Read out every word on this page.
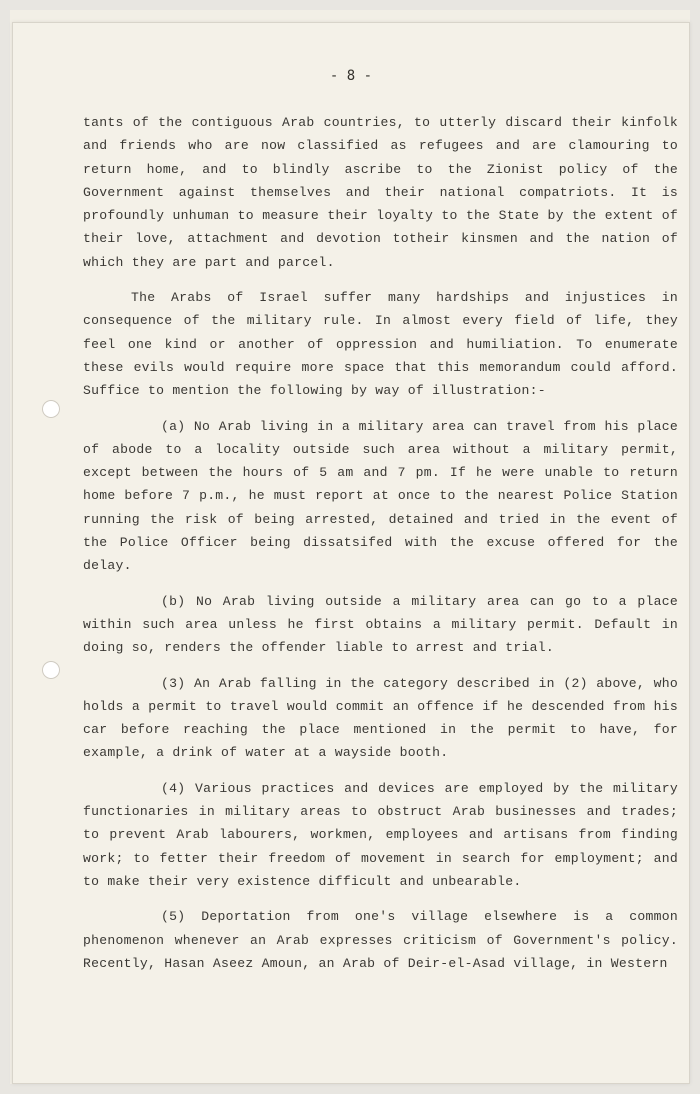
- 8 -

tants of the contiguous Arab countries, to utterly discard their kinfolk and friends who are now classified as refugees and are clamouring to return home, and to blindly ascribe to the Zionist policy of the Government against themselves and their national compatriots. It is profoundly unhuman to measure their loyalty to the State by the extent of their love, attachment and devotion totheir kinsmen and the nation of which they are part and parcel.

The Arabs of Israel suffer many hardships and injustices in consequence of the military rule. In almost every field of life, they feel one kind or another of oppression and humiliation. To enumerate these evils would require more space that this memorandum could afford. Suffice to mention the following by way of illustration:-

(a) No Arab living in a military area can travel from his place of abode to a locality outside such area without a military permit, except between the hours of 5 am and 7 pm. If he were unable to return home before 7 p.m., he must report at once to the nearest Police Station running the risk of being arrested, detained and tried in the event of the Police Officer being dissatsifed with the excuse offered for the delay.

(b) No Arab living outside a military area can go to a place within such area unless he first obtains a military permit. Default in doing so, renders the offender liable to arrest and trial.

(3) An Arab falling in the category described in (2) above, who holds a permit to travel would commit an offence if he descended from his car before reaching the place mentioned in the permit to have, for example, a drink of water at a wayside booth.

(4) Various practices and devices are employed by the military functionaries in military areas to obstruct Arab businesses and trades; to prevent Arab labourers, workmen, employees and artisans from finding work; to fetter their freedom of movement in search for employment; and to make their very existence difficult and unbearable.

(5) Deportation from one's village elsewhere is a common phenomenon whenever an Arab expresses criticism of Government's policy. Recently, Hasan Aseez Amoun, an Arab of Deir-el-Asad village, in Western
